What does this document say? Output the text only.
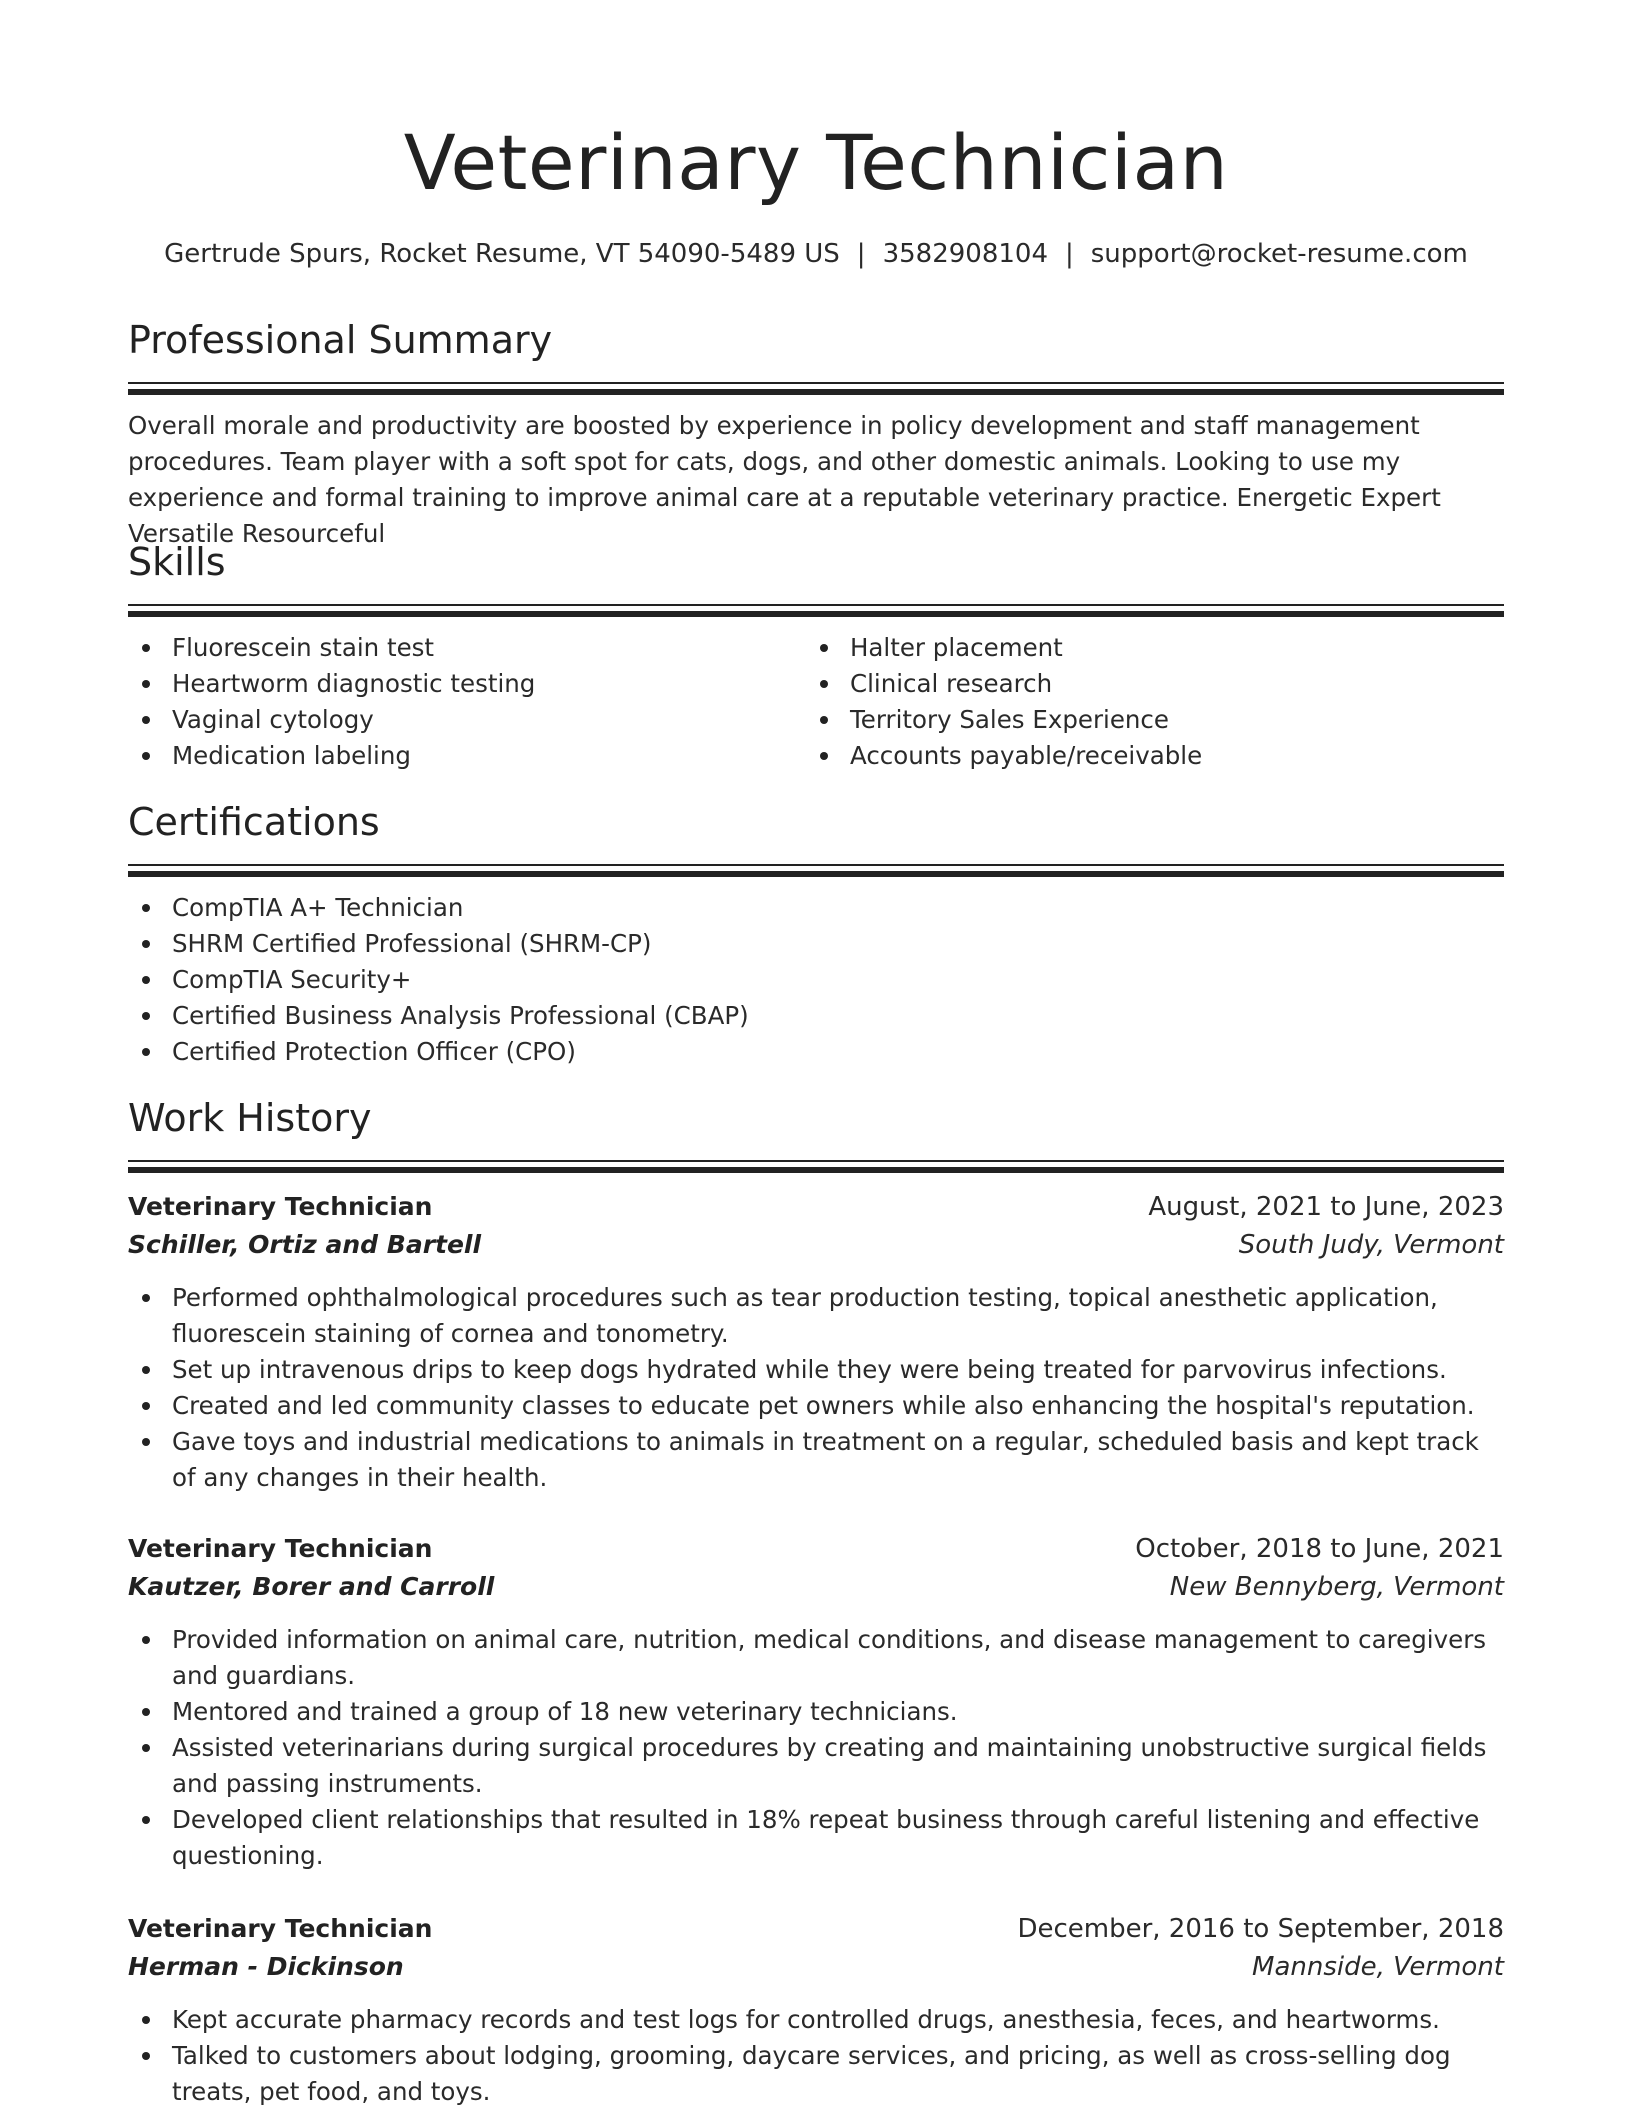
Veterinary Technician
Gertrude Spurs, Rocket Resume, VT 54090-5489 US | 3582908104 | support@rocket-resume.com
Professional Summary
Overall morale and productivity are boosted by experience in policy development and staff management procedures. Team player with a soft spot for cats, dogs, and other domestic animals. Looking to use my experience and formal training to improve animal care at a reputable veterinary practice. Energetic Expert Versatile Resourceful
Skills
Fluorescein stain test
Heartworm diagnostic testing
Vaginal cytology
Medication labeling
Halter placement
Clinical research
Territory Sales Experience
Accounts payable/receivable
Certifications
CompTIA A+ Technician
SHRM Certified Professional (SHRM-CP)
CompTIA Security+
Certified Business Analysis Professional (CBAP)
Certified Protection Officer (CPO)
Work History
Veterinary Technician	August, 2021 to June, 2023
Schiller, Ortiz and Bartell	South Judy, Vermont
Performed ophthalmological procedures such as tear production testing, topical anesthetic application, fluorescein staining of cornea and tonometry.
Set up intravenous drips to keep dogs hydrated while they were being treated for parvovirus infections.
Created and led community classes to educate pet owners while also enhancing the hospital's reputation.
Gave toys and industrial medications to animals in treatment on a regular, scheduled basis and kept track of any changes in their health.
Veterinary Technician	October, 2018 to June, 2021
Kautzer, Borer and Carroll	New Bennyberg, Vermont
Provided information on animal care, nutrition, medical conditions, and disease management to caregivers and guardians.
Mentored and trained a group of 18 new veterinary technicians.
Assisted veterinarians during surgical procedures by creating and maintaining unobstructive surgical fields and passing instruments.
Developed client relationships that resulted in 18% repeat business through careful listening and effective questioning.
Veterinary Technician	December, 2016 to September, 2018
Herman - Dickinson	Mannside, Vermont
Kept accurate pharmacy records and test logs for controlled drugs, anesthesia, feces, and heartworms.
Talked to customers about lodging, grooming, daycare services, and pricing, as well as cross-selling dog treats, pet food, and toys.
